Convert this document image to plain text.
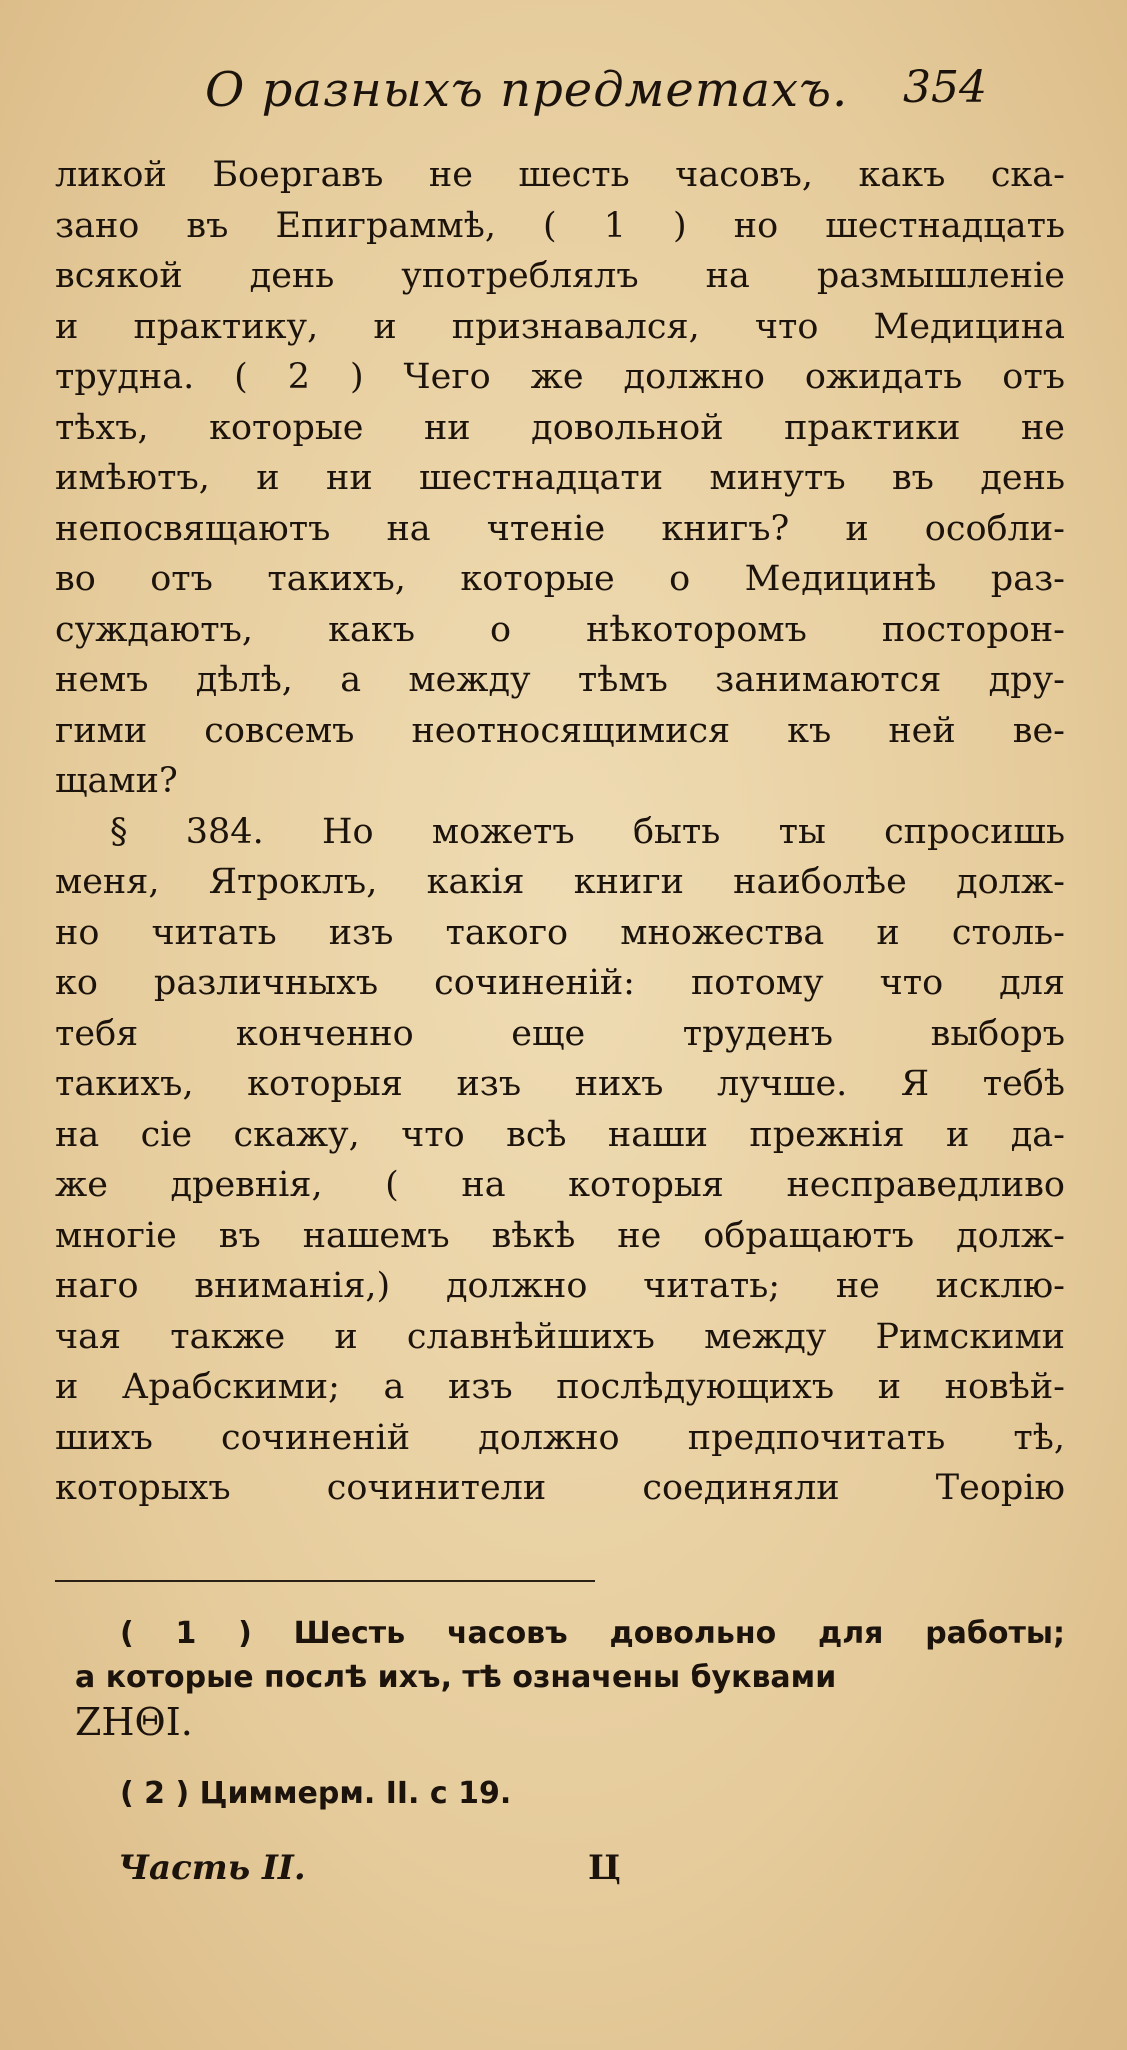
О разныхъ предметахъ. 354
ликой Боергавъ не шесть часовъ, какъ ска-
зано въ Епиграммѣ, ( 1 ) но шестнадцать
всякой день употреблялъ на размышленіе
и практику, и признавался, что Медицина
трудна. ( 2 ) Чего же должно ожидать отъ
тѣхъ, которые ни довольной практики не
имѣютъ, и ни шестнадцати минутъ въ день
непосвящаютъ на чтеніе книгъ? и особли-
во отъ такихъ, которые о Медицинѣ раз-
суждаютъ, какъ о нѣкоторомъ посторон-
немъ дѣлѣ, а между тѣмъ занимаются дру-
гими совсемъ неотносящимися къ ней ве-
щами?
§ 384. Но можетъ быть ты спросишь
меня, Ятроклъ, какія книги наиболѣе долж-
но читать изъ такого множества и столь-
ко различныхъ сочиненій: потому что для
тебя конченно еще труденъ выборъ
такихъ, которыя изъ нихъ лучше. Я тебѣ
на сіе скажу, что всѣ наши прежнія и да-
же древнія, ( на которыя несправедливо
многіе въ нашемъ вѣкѣ не обращаютъ долж-
наго вниманія,) должно читать; не исклю-
чая также и славнѣйшихъ между Римскими
и Арабскими; а изъ послѣдующихъ и новѣй-
шихъ сочиненій должно предпочитать тѣ,
которыхъ сочинители соединяли Теорію
( 1 ) Шесть часовъ довольно для работы;
а которые послѣ ихъ, тѣ означены буквами
ZHΘI.
( 2 ) Циммерм. II. с 19.
Часть II.	Ц
